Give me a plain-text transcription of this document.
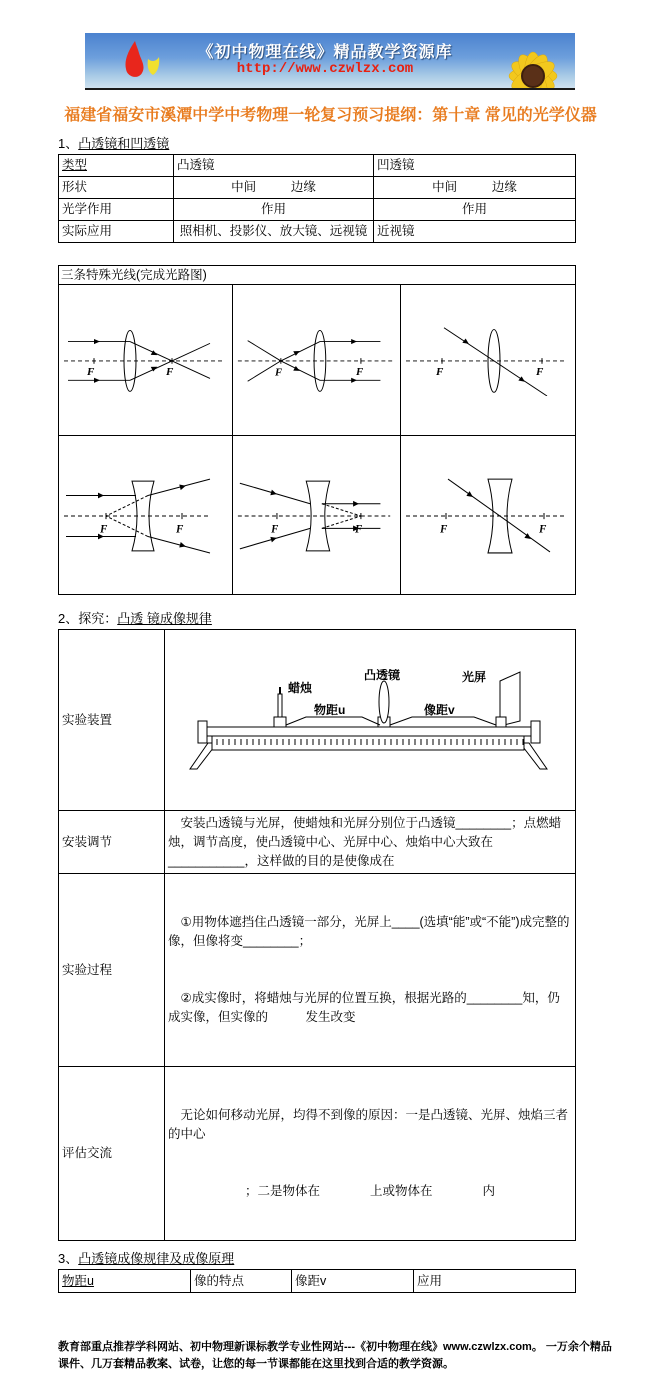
《初中物理在线》精品教学资源库
http://www.czwlzx.com
福建省福安市溪潭中学中考物理一轮复习预习提纲：第十章 常见的光学仪器
1、凸透镜和凹透镜
类型	凸透镜	凹透镜
形状	中间          边缘	中间          边缘
光学作用	作用	作用
实际应用	照相机、投影仪、放大镜、远视镜	近视镜
三条特殊光线(完成光路图)		

F F	F F	F F

F F	F F	F F

2、探究：凸透 镜成像规律
实验装置	蜡烛
凸透镜 光屏
物距u 像距v

安装调节	　安装凸透镜与光屏，使蜡烛和光屏分别位于凸透镜________；点燃蜡烛，调节高度，使凸透镜中心、光屏中心、烛焰中心大致在___________，这样做的目的是使像成在
实验过程	　①用物体遮挡住凸透镜一部分，光屏上____(选填“能”或“不能”)成完整的像，但像将变________；

　②成实像时，将蜡烛与光屏的位置互换，根据光路的________知，仍成实像，但实像的　　　发生改变

评估交流	　无论如何移动光屏，均得不到像的原因：一是凸透镜、光屏、烛焰三者的中心

；二是物体在　　　　上或物体在　　　　内

3、凸透镜成像规律及成像原理
物距u	像的特点	像距v	应用
教育部重点推荐学科网站、初中物理新课标教学专业性网站---《初中物理在线》www.czwlzx.com。 一万余个精品课件、几万套精品教案、试卷，让您的每一节课都能在这里找到合适的教学资源。
